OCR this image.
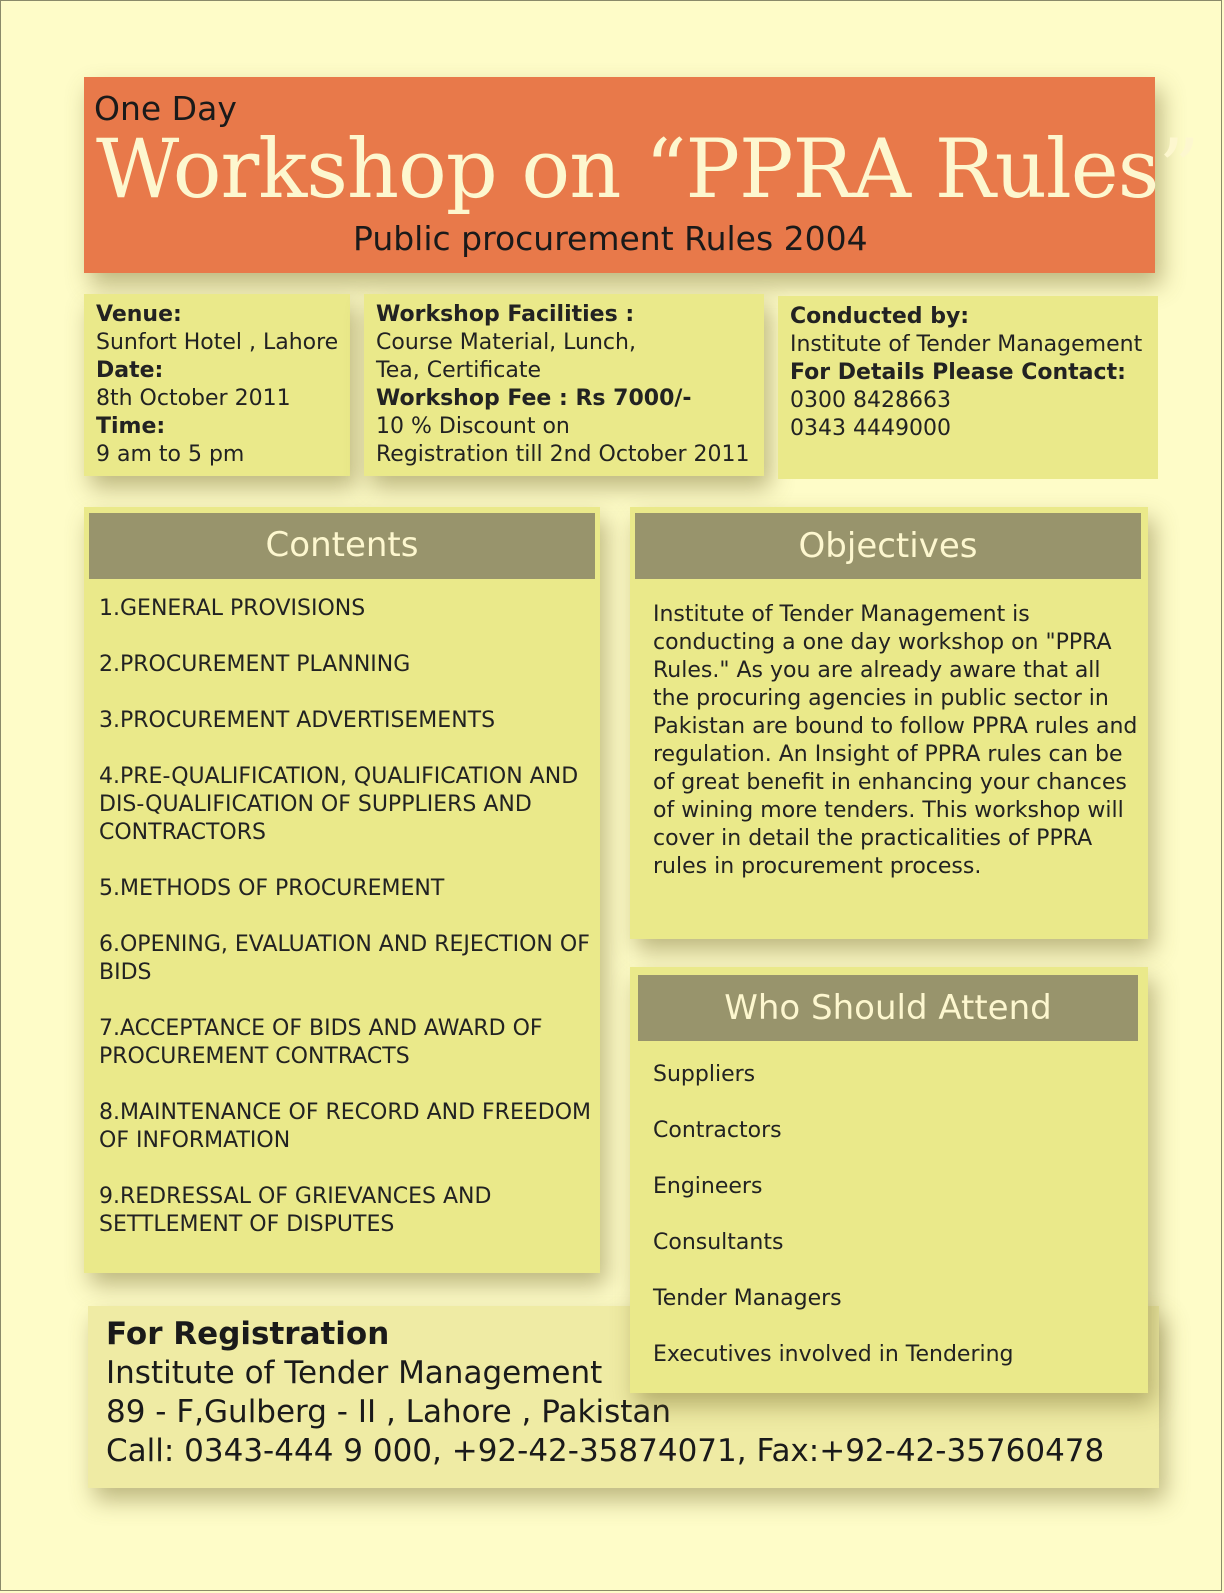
One Day
Workshop on “PPRA Rules”
Public procurement Rules 2004
Venue:
Sunfort Hotel , Lahore
Date:
8th October 2011
Time:
9 am to 5 pm
Workshop Facilities :
Course Material, Lunch,
Tea, Certificate
Workshop Fee : Rs 7000/-
10 % Discount on
Registration till 2nd October 2011
Conducted by:
Institute of Tender Management
For Details Please Contact:
0300 8428663
0343 4449000
Contents
1.GENERAL PROVISIONS
2.PROCUREMENT PLANNING
3.PROCUREMENT ADVERTISEMENTS
4.PRE-QUALIFICATION, QUALIFICATION AND DIS-QUALIFICATION OF SUPPLIERS AND CONTRACTORS
5.METHODS OF PROCUREMENT
6.OPENING, EVALUATION AND REJECTION OF BIDS
7.ACCEPTANCE OF BIDS AND AWARD OF PROCUREMENT CONTRACTS
8.MAINTENANCE OF RECORD AND FREEDOM OF INFORMATION
9.REDRESSAL OF GRIEVANCES AND SETTLEMENT OF DISPUTES
Objectives

Institute of Tender Management is conducting a one day workshop on "PPRA Rules." As you are already aware that all the procuring agencies in public sector in Pakistan are bound to follow PPRA rules and regulation. An Insight of PPRA rules can be of great benefit in enhancing your chances of wining more tenders. This workshop will cover in detail the practicalities of PPRA rules in procurement process.

For Registration
Institute of Tender Management
89 - F,Gulberg - II , Lahore , Pakistan
Call: 0343-444 9 000, +92-42-35874071, Fax:+92-42-35760478
Who Should Attend
Suppliers
Contractors
Engineers
Consultants
Tender Managers
Executives involved in Tendering
